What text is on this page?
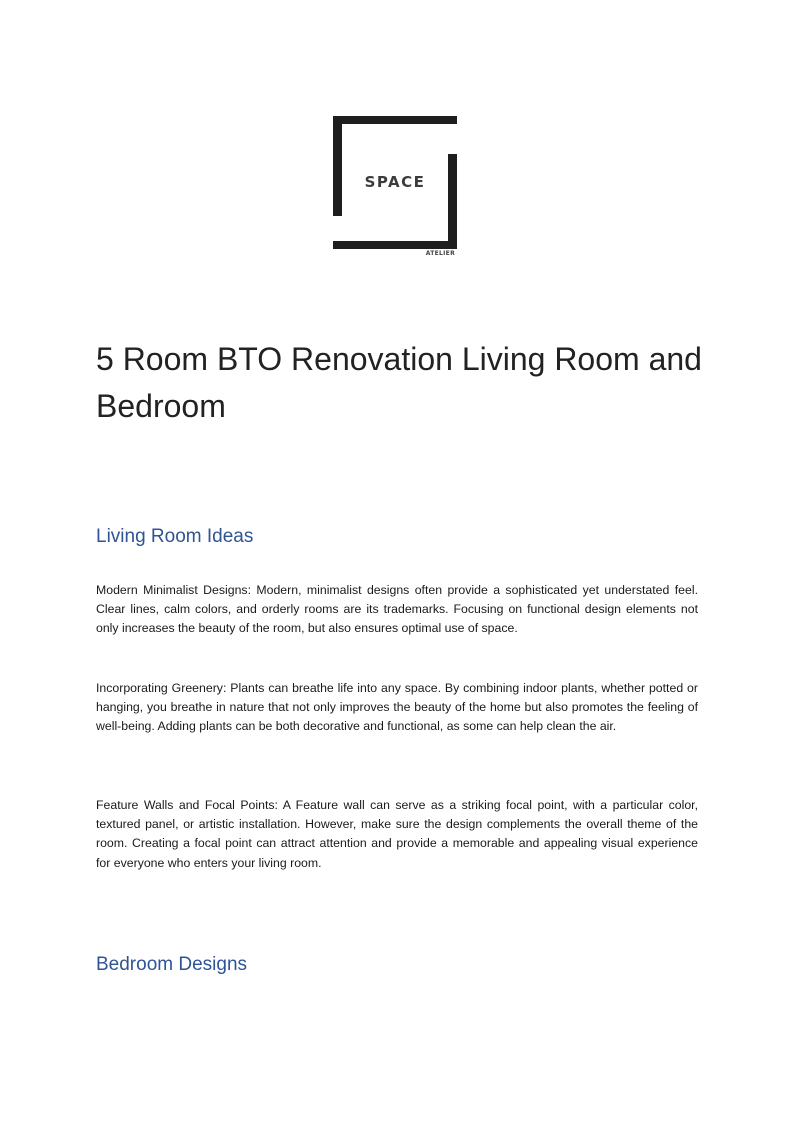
SPACE
ATELIER
5 Room BTO Renovation Living Room and Bedroom
Living Room Ideas

Modern Minimalist Designs: Modern, minimalist designs often provide a sophisticated yet understated feel. Clear lines, calm colors, and orderly rooms are its trademarks. Focusing on functional design elements not only increases the beauty of the room, but also ensures optimal use of space.

Incorporating Greenery: Plants can breathe life into any space. By combining indoor plants, whether potted or hanging, you breathe in nature that not only improves the beauty of the home but also promotes the feeling of well-being. Adding plants can be both decorative and functional, as some can help clean the air.

Feature Walls and Focal Points: A Feature wall can serve as a striking focal point, with a particular color, textured panel, or artistic installation. However, make sure the design complements the overall theme of the room. Creating a focal point can attract attention and provide a memorable and appealing visual experience for everyone who enters your living room.

Bedroom Designs
